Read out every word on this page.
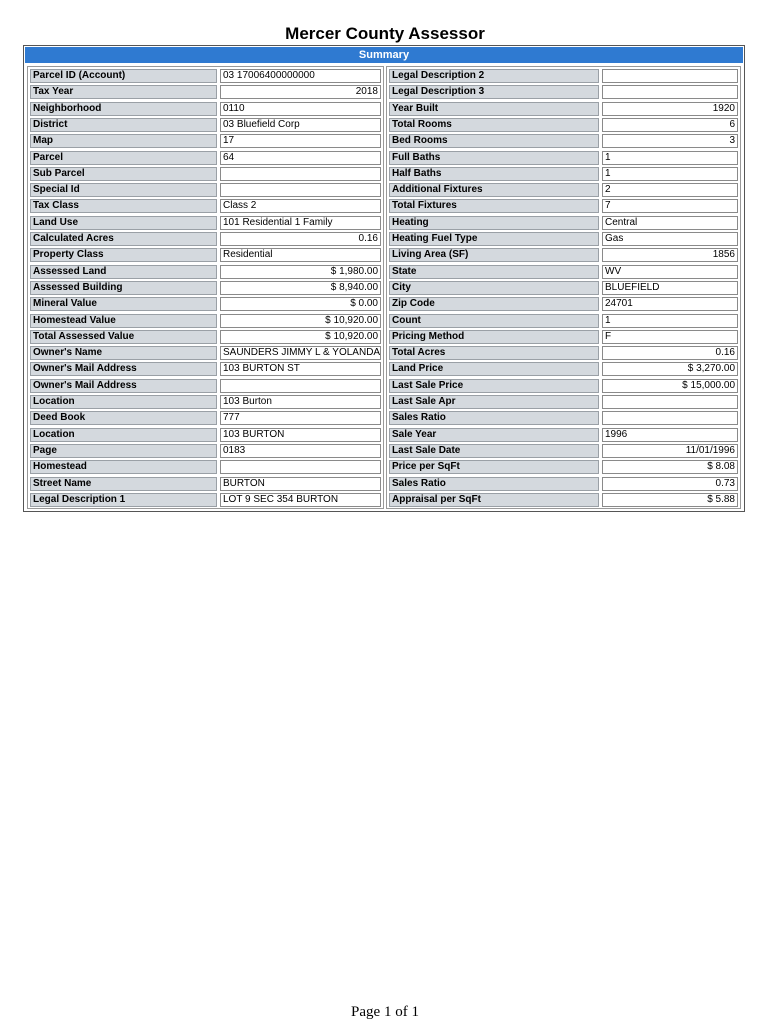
Mercer County Assessor
Summary
Parcel ID (Account)	03 17006400000000
Tax Year	2018
Neighborhood	0110
District	03 Bluefield Corp
Map	17
Parcel	64
Sub Parcel
Special Id
Tax Class	Class 2
Land Use	101 Residential 1 Family
Calculated Acres	0.16
Property Class	Residential
Assessed Land	$ 1,980.00
Assessed Building	$ 8,940.00
Mineral Value	$ 0.00
Homestead Value	$ 10,920.00
Total Assessed Value	$ 10,920.00
Owner's Name	SAUNDERS JIMMY L & YOLANDA
Owner's Mail Address	103 BURTON ST
Owner's Mail Address
Location	103 Burton
Deed Book	777
Location	103 BURTON
Page	0183
Homestead
Street Name	BURTON
Legal Description 1	LOT 9 SEC 354 BURTON
Legal Description 2
Legal Description 3
Year Built	1920
Total Rooms	6
Bed Rooms	3
Full Baths	1
Half Baths	1
Additional Fixtures	2
Total Fixtures	7
Heating	Central
Heating Fuel Type	Gas
Living Area (SF)	1856
State	WV
City	BLUEFIELD
Zip Code	24701
Count	1
Pricing Method	F
Total Acres	0.16
Land Price	$ 3,270.00
Last Sale Price	$ 15,000.00
Last Sale Apr
Sales Ratio
Sale Year	1996
Last Sale Date	11/01/1996
Price per SqFt	$ 8.08
Sales Ratio	0.73
Appraisal per SqFt	$ 5.88
Page 1 of 1
